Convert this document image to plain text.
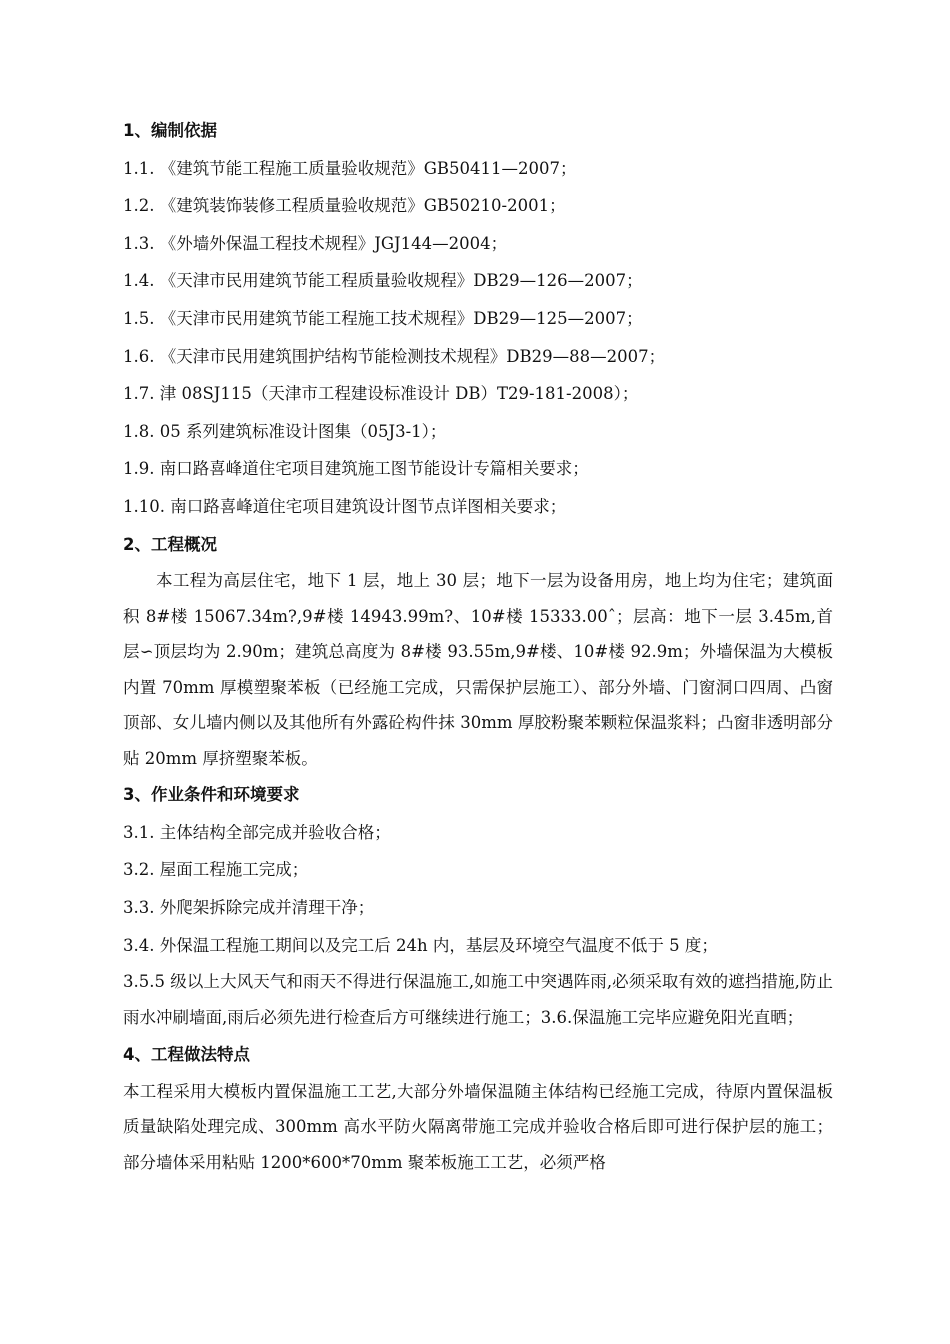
1、编制依据
1.1. 《建筑节能工程施工质量验收规范》GB50411—2007；
1.2. 《建筑装饰装修工程质量验收规范》GB50210-2001；
1.3. 《外墙外保温工程技术规程》JGJ144—2004；
1.4. 《天津市民用建筑节能工程质量验收规程》DB29—126—2007；
1.5. 《天津市民用建筑节能工程施工技术规程》DB29—125—2007；
1.6. 《天津市民用建筑围护结构节能检测技术规程》DB29—88—2007；
1.7. 津 08SJ115（天津市工程建设标准设计 DB）T29-181-2008）；
1.8. 05 系列建筑标准设计图集（05J3-1）；
1.9. 南口路喜峰道住宅项目建筑施工图节能设计专篇相关要求；
1.10. 南口路喜峰道住宅项目建筑设计图节点详图相关要求；
2、工程概况
本工程为高层住宅，地下 1 层，地上 30 层；地下一层为设备用房，地上均为住宅；建筑面积 8#楼 15067.34m?,9#楼 14943.99m?、10#楼 15333.00ˆ；层高：地下一层 3.45m,首层∽顶层均为 2.90m；建筑总高度为 8#楼 93.55m,9#楼、10#楼 92.9m；外墙保温为大模板内置 70mm 厚模塑聚苯板（已经施工完成，只需保护层施工）、部分外墙、门窗洞口四周、凸窗顶部、女儿墙内侧以及其他所有外露砼构件抹 30mm 厚胶粉聚苯颗粒保温浆料；凸窗非透明部分贴 20mm 厚挤塑聚苯板。
3、作业条件和环境要求
3.1. 主体结构全部完成并验收合格；
3.2. 屋面工程施工完成；
3.3. 外爬架拆除完成并清理干净；
3.4. 外保温工程施工期间以及完工后 24h 内，基层及环境空气温度不低于 5 度；
3.5.5 级以上大风天气和雨天不得进行保温施工,如施工中突遇阵雨,必须采取有效的遮挡措施,防止雨水冲刷墙面,雨后必须先进行检查后方可继续进行施工；3.6.保温施工完毕应避免阳光直晒；
4、工程做法特点
本工程采用大模板内置保温施工工艺,大部分外墙保温随主体结构已经施工完成，待原内置保温板质量缺陷处理完成、300mm 高水平防火隔离带施工完成并验收合格后即可进行保护层的施工；部分墙体采用粘贴 1200*600*70mm 聚苯板施工工艺，必须严格
